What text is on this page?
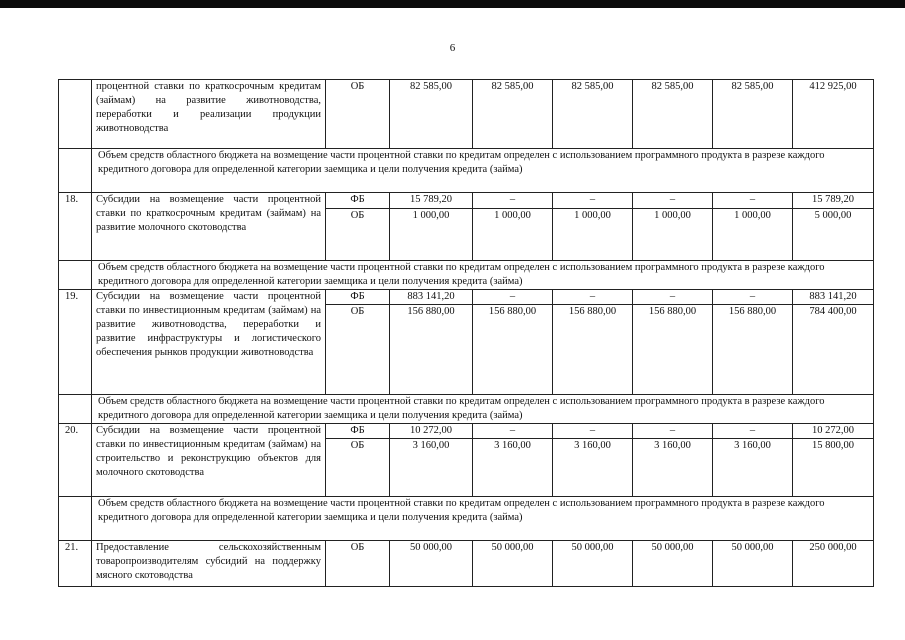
6
	процентной ставки по краткосрочным кредитам (займам) на развитие животноводства, переработки и реализации продукции животноводства	ОБ	82 585,00	82 585,00	82 585,00	82 585,00	82 585,00	412 925,00
	Объем средств областного бюджета на возмещение части процентной ставки по кредитам определен с использованием программного продукта в разрезе каждого кредитного договора для определенной категории заемщика и цели получения кредита (займа)							
18.	Субсидии на возмещение части процентной ставки по краткосрочным кредитам (займам) на развитие молочного скотоводства	ФБ	15 789,20	–	–	–	–	15 789,20
		ОБ	1 000,00	1 000,00	1 000,00	1 000,00	1 000,00	5 000,00
	Объем средств областного бюджета на возмещение части процентной ставки по кредитам определен с использованием программного продукта в разрезе каждого кредитного договора для определенной категории заемщика и цели получения кредита (займа)							
19.	Субсидии на возмещение части процентной ставки по инвестиционным кредитам (займам) на развитие животноводства, переработки и развитие инфраструктуры и логистического обеспечения рынков продукции животноводства	ФБ	883 141,20	–	–	–	–	883 141,20
		ОБ	156 880,00	156 880,00	156 880,00	156 880,00	156 880,00	784 400,00
	Объем средств областного бюджета на возмещение части процентной ставки по кредитам определен с использованием программного продукта в разрезе каждого кредитного договора для определенной категории заемщика и цели получения кредита (займа)							
20.	Субсидии на возмещение части процентной ставки по инвестиционным кредитам (займам) на строительство и реконструкцию объектов для молочного скотоводства	ФБ	10 272,00	–	–	–	–	10 272,00
		ОБ	3 160,00	3 160,00	3 160,00	3 160,00	3 160,00	15 800,00
	Объем средств областного бюджета на возмещение части процентной ставки по кредитам определен с использованием программного продукта в разрезе каждого кредитного договора для определенной категории заемщика и цели получения кредита (займа)							
21.	Предоставление сельскохозяйственным товаропроизводителям субсидий на поддержку мясного скотоводства	ОБ	50 000,00	50 000,00	50 000,00	50 000,00	50 000,00	250 000,00
